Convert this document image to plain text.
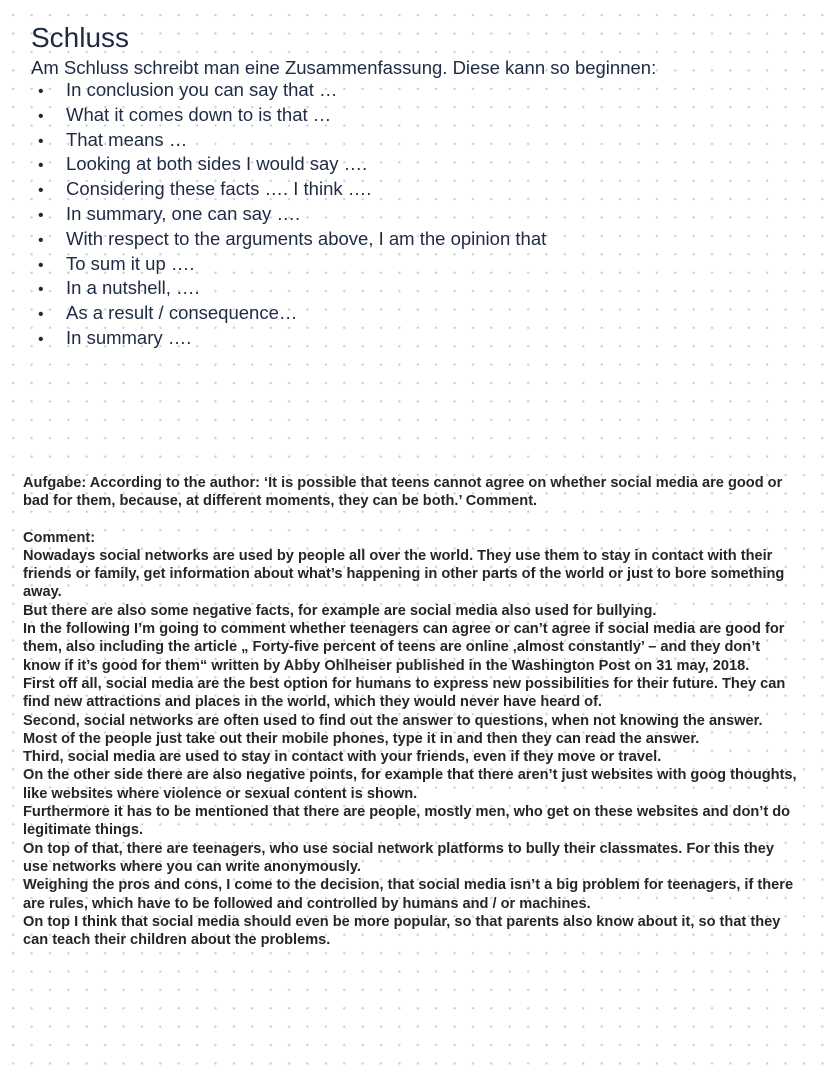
Schluss
Am Schluss schreibt man eine Zusammenfassung. Diese kann so beginnen:
•	In conclusion you can say that …
•	What it comes down to is that …
•	That means …
•	Looking at both sides I would say ….
•	Considering these facts …. I think ….
•	In summary, one can say ….
•	With respect to the arguments above, I am the opinion that
•	To sum it up ….
•	In a nutshell, ….
•	As a result / consequence…
•	In summary ….

Aufgabe: According to the author: ‘It is possible that teens cannot agree on whether social media are good or bad for them, because, at different moments, they can be both.’ Comment.

Comment:

Nowadays social networks are used by people all over the world. They use them to stay in contact with their friends or family, get information about what’s happening in other parts of the world or just to bore something away.

But there are also some negative facts, for example are social media also used for bullying.

In the following I’m going to comment whether teenagers can agree or can’t agree if social media are good for them, also including the article „ Forty-five percent of teens are online ‚almost constantly’ – and they don’t know if it’s good for them“ written by Abby Ohlheiser published in the Washington Post on 31 may, 2018.

First off all, social media are the best option for humans to express new possibilities for their future. They can find new attractions and places in the world, which they would never have heard of.

Second, social networks are often used to find out the answer to questions, when not knowing the answer. Most of the people just take out their mobile phones, type it in and then they can read the answer.

Third, social media are used to stay in contact with your friends, even if they move or travel.

On the other side there are also negative points, for example that there aren’t just websites with goog thoughts, like websites where violence or sexual content is shown.

Furthermore it has to be mentioned that there are people, mostly men, who get on these websites and don’t do legitimate things.

On top of that, there are teenagers, who use social network platforms to bully their classmates. For this they use networks where you can write anonymously.

Weighing the pros and cons, I come to the decision, that social media isn’t a big problem for teenagers, if there are rules, which have to be followed and controlled by humans and / or machines.

On top I think that social media should even be more popular, so that parents also know about it, so that they can teach their children about the problems.
